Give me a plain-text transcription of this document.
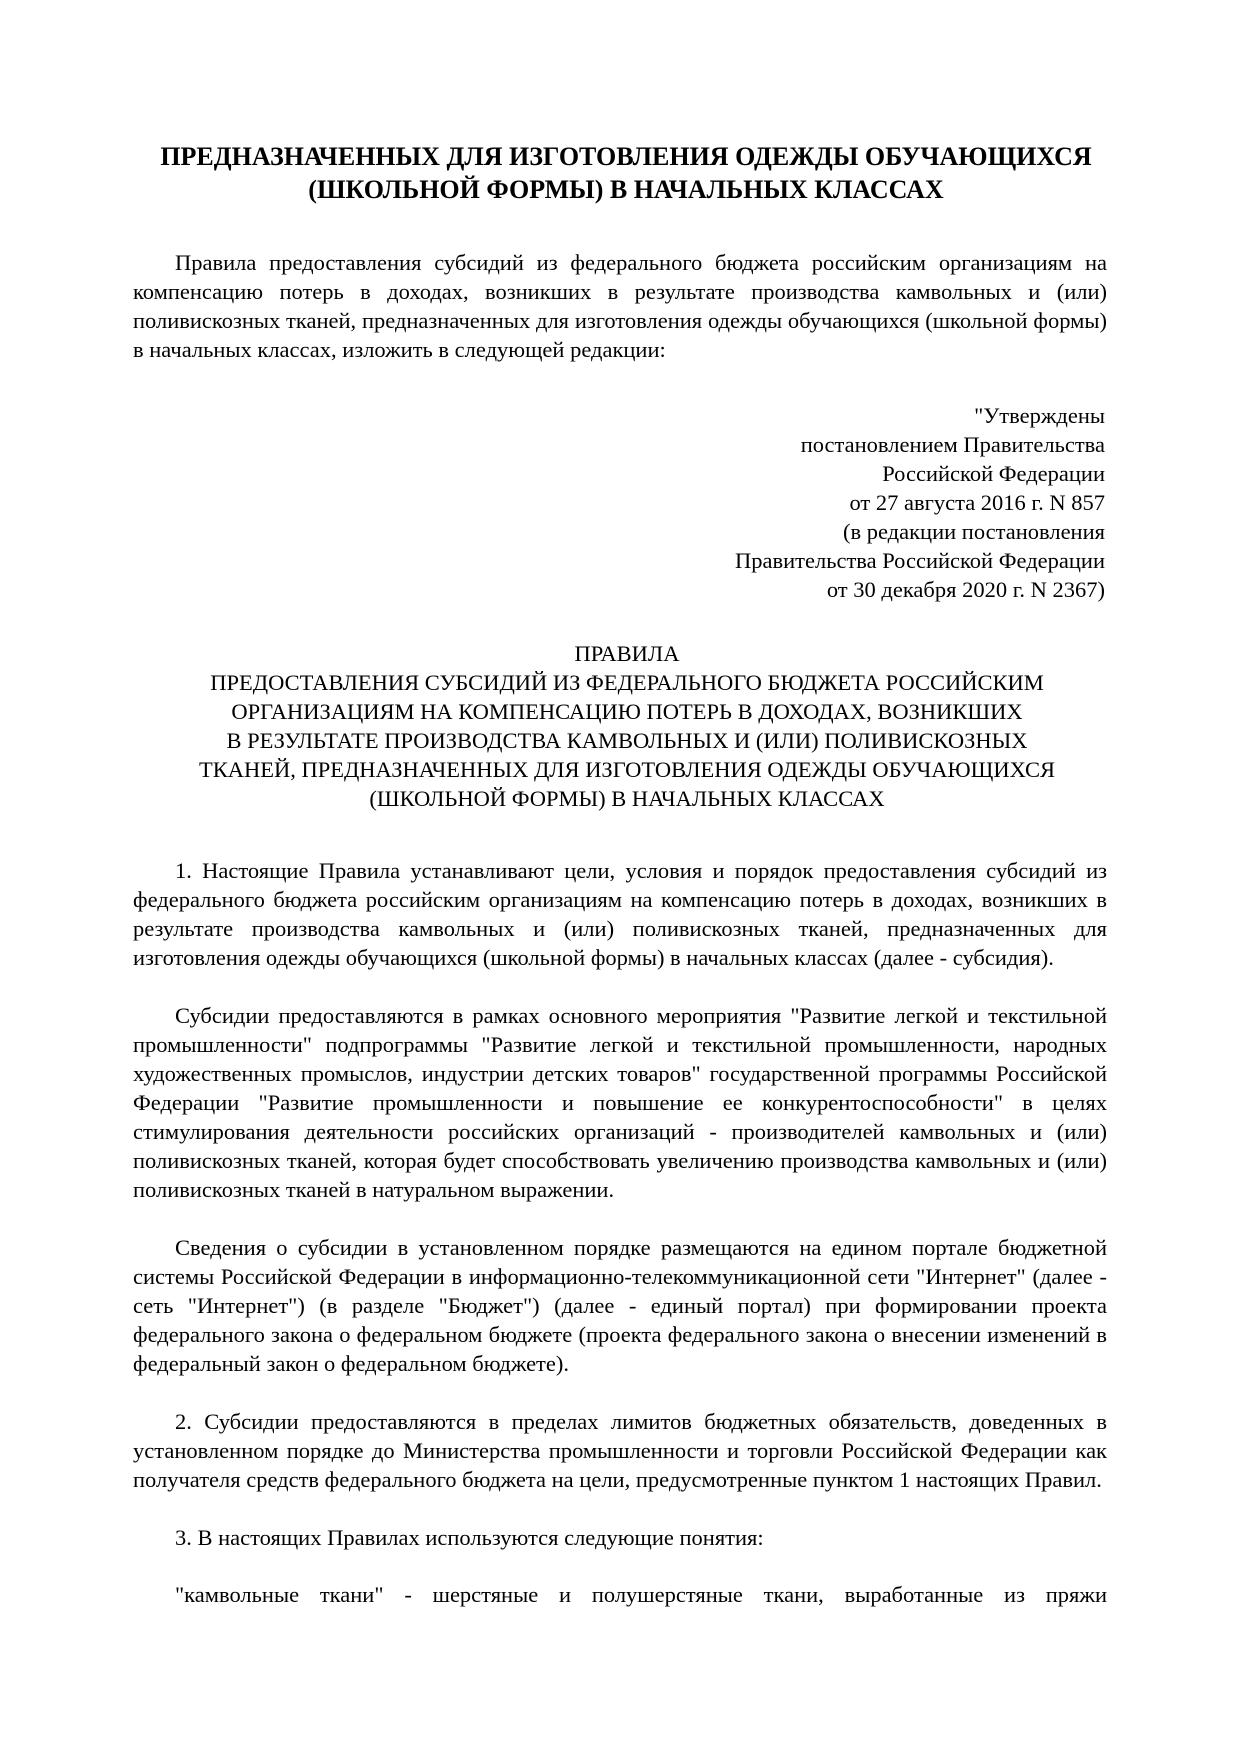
ПРЕДНАЗНАЧЕННЫХ ДЛЯ ИЗГОТОВЛЕНИЯ ОДЕЖДЫ ОБУЧАЮЩИХСЯ
(ШКОЛЬНОЙ ФОРМЫ) В НАЧАЛЬНЫХ КЛАССАХ

Правила предоставления субсидий из федерального бюджета российским организациям на компенсацию потерь в доходах, возникших в результате производства камвольных и (или) поливискозных тканей, предназначенных для изготовления одежды обучающихся (школьной формы) в начальных классах, изложить в следующей редакции:

"Утверждены
постановлением Правительства
Российской Федерации
от 27 августа 2016 г. N 857
(в редакции постановления
Правительства Российской Федерации
от 30 декабря 2020 г. N 2367)
ПРАВИЛА
ПРЕДОСТАВЛЕНИЯ СУБСИДИЙ ИЗ ФЕДЕРАЛЬНОГО БЮДЖЕТА РОССИЙСКИМ
ОРГАНИЗАЦИЯМ НА КОМПЕНСАЦИЮ ПОТЕРЬ В ДОХОДАХ, ВОЗНИКШИХ
В РЕЗУЛЬТАТЕ ПРОИЗВОДСТВА КАМВОЛЬНЫХ И (ИЛИ) ПОЛИВИСКОЗНЫХ
ТКАНЕЙ, ПРЕДНАЗНАЧЕННЫХ ДЛЯ ИЗГОТОВЛЕНИЯ ОДЕЖДЫ ОБУЧАЮЩИХСЯ
(ШКОЛЬНОЙ ФОРМЫ) В НАЧАЛЬНЫХ КЛАССАХ

1. Настоящие Правила устанавливают цели, условия и порядок предоставления субсидий из федерального бюджета российским организациям на компенсацию потерь в доходах, возникших в результате производства камвольных и (или) поливискозных тканей, предназначенных для изготовления одежды обучающихся (школьной формы) в начальных классах (далее - субсидия).

Субсидии предоставляются в рамках основного мероприятия "Развитие легкой и текстильной промышленности" подпрограммы "Развитие легкой и текстильной промышленности, народных художественных промыслов, индустрии детских товаров" государственной программы Российской Федерации "Развитие промышленности и повышение ее конкурентоспособности" в целях стимулирования деятельности российских организаций - производителей камвольных и (или) поливискозных тканей, которая будет способствовать увеличению производства камвольных и (или) поливискозных тканей в натуральном выражении.

Сведения о субсидии в установленном порядке размещаются на едином портале бюджетной системы Российской Федерации в информационно-телекоммуникационной сети "Интернет" (далее - сеть "Интернет") (в разделе "Бюджет") (далее - единый портал) при формировании проекта федерального закона о федеральном бюджете (проекта федерального закона о внесении изменений в федеральный закон о федеральном бюджете).

2. Субсидии предоставляются в пределах лимитов бюджетных обязательств, доведенных в установленном порядке до Министерства промышленности и торговли Российской Федерации как получателя средств федерального бюджета на цели, предусмотренные пунктом 1 настоящих Правил.

3. В настоящих Правилах используются следующие понятия:

"камвольные ткани" - шерстяные и полушерстяные ткани, выработанные из пряжи
